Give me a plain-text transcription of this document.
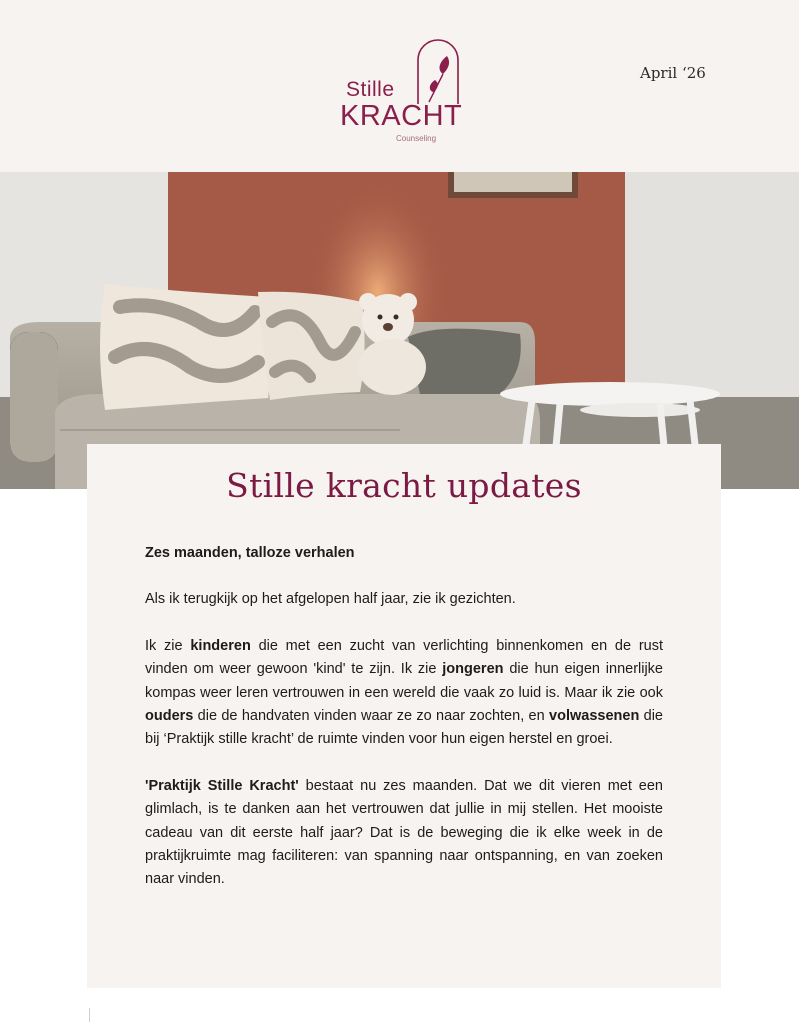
Stille
KRACHT
Counseling
April ‘26
Stille kracht updates

Zes maanden, talloze verhalen

Als ik terugkijk op het afgelopen half jaar, zie ik gezichten.

Ik zie kinderen die met een zucht van verlichting binnenkomen en de rust vinden om weer gewoon 'kind' te zijn. Ik zie jongeren die hun eigen innerlijke kompas weer leren vertrouwen in een wereld die vaak zo luid is. Maar ik zie ook ouders die de handvaten vinden waar ze zo naar zochten, en volwassenen die bij ‘Praktijk stille kracht’ de ruimte vinden voor hun eigen herstel en groei.

'Praktijk Stille Kracht' bestaat nu zes maanden. Dat we dit vieren met een glimlach, is te danken aan het vertrouwen dat jullie in mij stellen. Het mooiste cadeau van dit eerste half jaar? Dat is de beweging die ik elke week in de praktijkruimte mag faciliteren: van spanning naar ontspanning, en van zoeken naar vinden.
